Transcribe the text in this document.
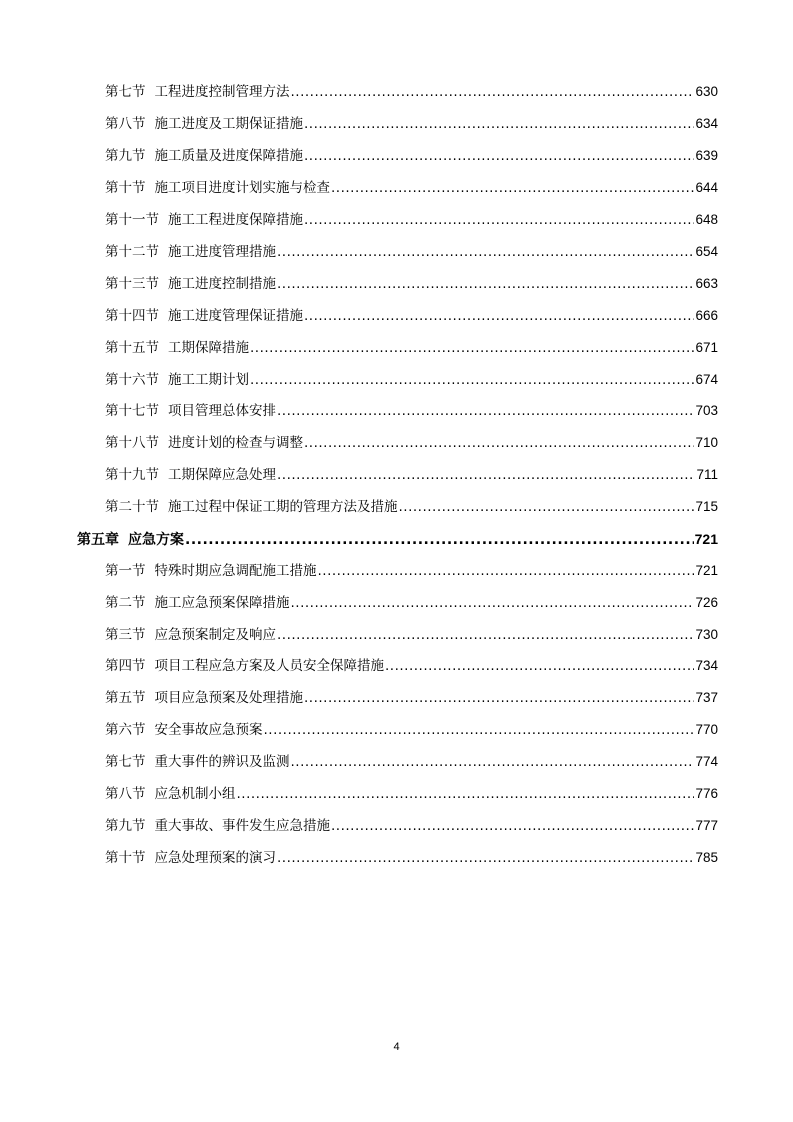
第七节 工程进度控制管理方法 .....	630
第八节 施工进度及工期保证措施 .....	634
第九节 施工质量及进度保障措施 .....	639
第十节 施工项目进度计划实施与检查 .....	644
第十一节 施工工程进度保障措施 .....	648
第十二节 施工进度管理措施 .....	654
第十三节 施工进度控制措施 .....	663
第十四节 施工进度管理保证措施 .....	666
第十五节 工期保障措施 .....	671
第十六节 施工工期计划 .....	674
第十七节 项目管理总体安排 .....	703
第十八节 进度计划的检查与调整 .....	710
第十九节 工期保障应急处理 .....	711
第二十节 施工过程中保证工期的管理方法及措施 .....	715
第五章 应急方案 .....	721
第一节 特殊时期应急调配施工措施 .....	721
第二节 施工应急预案保障措施 .....	726
第三节 应急预案制定及响应 .....	730
第四节 项目工程应急方案及人员安全保障措施 .....	734
第五节 项目应急预案及处理措施 .....	737
第六节 安全事故应急预案 .....	770
第七节 重大事件的辨识及监测 .....	774
第八节 应急机制小组 .....	776
第九节 重大事故、事件发生应急措施 .....	777
第十节 应急处理预案的演习 .....	785
4
